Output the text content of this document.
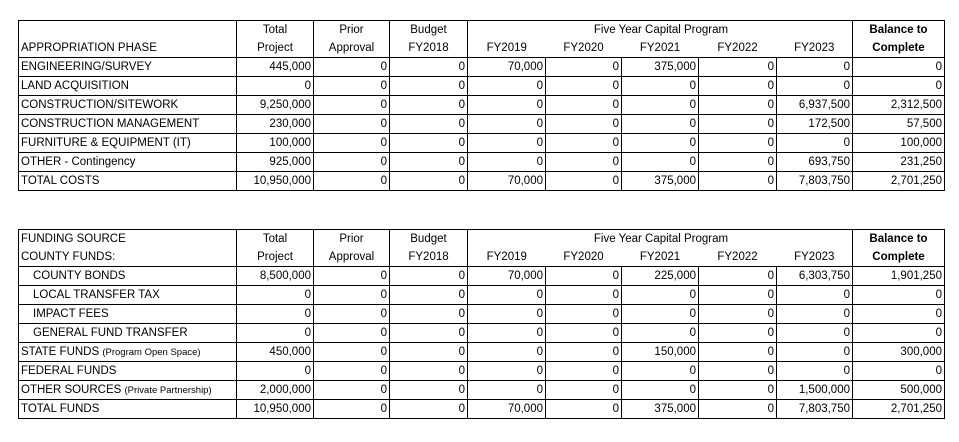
	Total	Prior	Budget		Five Year Capital Program				Balance to
APPROPRIATION PHASE	Project	Approval	FY2018	FY2019	FY2020	FY2021	FY2022	FY2023	Complete
ENGINEERING/SURVEY	445,000	0	0	70,000	0	375,000	0	0	0
LAND ACQUISITION	0	0	0	0	0	0	0	0	0
CONSTRUCTION/SITEWORK	9,250,000	0	0	0	0	0	0	6,937,500	2,312,500
CONSTRUCTION MANAGEMENT	230,000	0	0	0	0	0	0	172,500	57,500
FURNITURE & EQUIPMENT (IT)	100,000	0	0	0	0	0	0	0	100,000
OTHER - Contingency	925,000	0	0	0	0	0	0	693,750	231,250
TOTAL COSTS	10,950,000	0	0	70,000	0	375,000	0	7,803,750	2,701,250
FUNDING SOURCE	Total	Prior	Budget		Five Year Capital Program				Balance to
COUNTY FUNDS:	Project	Approval	FY2018	FY2019	FY2020	FY2021	FY2022	FY2023	Complete
COUNTY BONDS	8,500,000	0	0	70,000	0	225,000	0	6,303,750	1,901,250
LOCAL TRANSFER TAX	0	0	0	0	0	0	0	0	0
IMPACT FEES	0	0	0	0	0	0	0	0	0
GENERAL FUND TRANSFER	0	0	0	0	0	0	0	0	0
STATE FUNDS (Program Open Space)	450,000	0	0	0	0	150,000	0	0	300,000
FEDERAL FUNDS	0	0	0	0	0	0	0	0	0
OTHER SOURCES (Private Partnership)	2,000,000	0	0	0	0	0	0	1,500,000	500,000
TOTAL FUNDS	10,950,000	0	0	70,000	0	375,000	0	7,803,750	2,701,250
